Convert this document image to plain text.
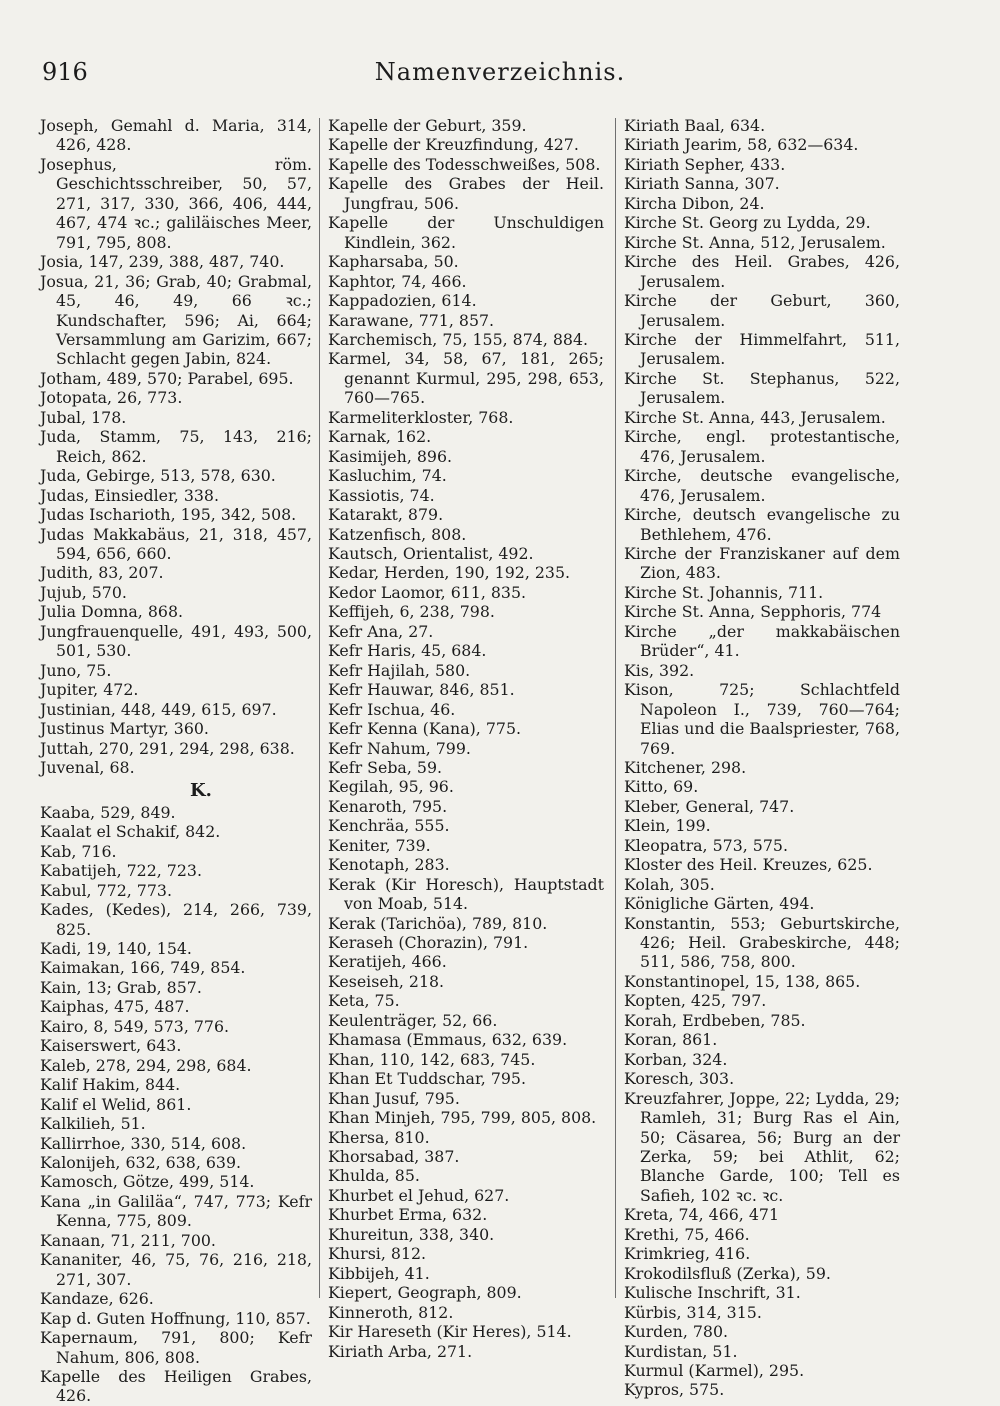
Namenverzeichnis.
916

Joseph, Gemahl d. Maria, 314, 426, 428.

Josephus, röm. Geschichtsschreiber, 50, 57, 271, 317, 330, 366, 406, 444, 467, 474 ꝛc.; galiläisches Meer, 791, 795, 808.

Josia, 147, 239, 388, 487, 740.

Josua, 21, 36; Grab, 40; Grabmal, 45, 46, 49, 66 ꝛc.; Kundschafter, 596; Ai, 664; Versammlung am Garizim, 667; Schlacht gegen Jabin, 824.

Jotham, 489, 570; Parabel, 695.

Jotopata, 26, 773.

Jubal, 178.

Juda, Stamm, 75, 143, 216; Reich, 862.

Juda, Gebirge, 513, 578, 630.

Judas, Einsiedler, 338.

Judas Ischarioth, 195, 342, 508.

Judas Makkabäus, 21, 318, 457, 594, 656, 660.

Judith, 83, 207.

Jujub, 570.

Julia Domna, 868.

Jungfrauenquelle, 491, 493, 500, 501, 530.

Juno, 75.

Jupiter, 472.

Justinian, 448, 449, 615, 697.

Justinus Martyr, 360.

Juttah, 270, 291, 294, 298, 638.

Juvenal, 68.

K.

Kaaba, 529, 849.

Kaalat el Schakif, 842.

Kab, 716.

Kabatijeh, 722, 723.

Kabul, 772, 773.

Kades, (Kedes), 214, 266, 739, 825.

Kadi, 19, 140, 154.

Kaimakan, 166, 749, 854.

Kain, 13; Grab, 857.

Kaiphas, 475, 487.

Kairo, 8, 549, 573, 776.

Kaiserswert, 643.

Kaleb, 278, 294, 298, 684.

Kalif Hakim, 844.

Kalif el Welid, 861.

Kalkilieh, 51.

Kallirrhoe, 330, 514, 608.

Kalonijeh, 632, 638, 639.

Kamosch, Götze, 499, 514.

Kana „in Galiläa“, 747, 773; Kefr Kenna, 775, 809.

Kanaan, 71, 211, 700.

Kananiter, 46, 75, 76, 216, 218, 271, 307.

Kandaze, 626.

Kap d. Guten Hoffnung, 110, 857.

Kapernaum, 791, 800; Kefr Nahum, 806, 808.

Kapelle des Heiligen Grabes, 426.

Kapelle der Geburt, 359.

Kapelle der Kreuzfindung, 427.

Kapelle des Todesschweißes, 508.

Kapelle des Grabes der Heil. Jungfrau, 506.

Kapelle der Unschuldigen Kindlein, 362.

Kapharsaba, 50.

Kaphtor, 74, 466.

Kappadozien, 614.

Karawane, 771, 857.

Karchemisch, 75, 155, 874, 884.

Karmel, 34, 58, 67, 181, 265; genannt Kurmul, 295, 298, 653, 760—765.

Karmeliterkloster, 768.

Karnak, 162.

Kasimijeh, 896.

Kasluchim, 74.

Kassiotis, 74.

Katarakt, 879.

Katzenfisch, 808.

Kautsch, Orientalist, 492.

Kedar, Herden, 190, 192, 235.

Kedor Laomor, 611, 835.

Keffijeh, 6, 238, 798.

Kefr Ana, 27.

Kefr Haris, 45, 684.

Kefr Hajilah, 580.

Kefr Hauwar, 846, 851.

Kefr Ischua, 46.

Kefr Kenna (Kana), 775.

Kefr Nahum, 799.

Kefr Seba, 59.

Kegilah, 95, 96.

Kenaroth, 795.

Kenchräa, 555.

Keniter, 739.

Kenotaph, 283.

Kerak (Kir Horesch), Hauptstadt von Moab, 514.

Kerak (Tarichöa), 789, 810.

Keraseh (Chorazin), 791.

Keratijeh, 466.

Keseiseh, 218.

Keta, 75.

Keulenträger, 52, 66.

Khamasa (Emmaus, 632, 639.

Khan, 110, 142, 683, 745.

Khan Et Tuddschar, 795.

Khan Jusuf, 795.

Khan Minjeh, 795, 799, 805, 808.

Khersa, 810.

Khorsabad, 387.

Khulda, 85.

Khurbet el Jehud, 627.

Khurbet Erma, 632.

Khureitun, 338, 340.

Khursi, 812.

Kibbijeh, 41.

Kiepert, Geograph, 809.

Kinneroth, 812.

Kir Hareseth (Kir Heres), 514.

Kiriath Arba, 271.

Kiriath Baal, 634.

Kiriath Jearim, 58, 632—634.

Kiriath Sepher, 433.

Kiriath Sanna, 307.

Kircha Dibon, 24.

Kirche St. Georg zu Lydda, 29.

Kirche St. Anna, 512, Jerusalem.

Kirche des Heil. Grabes, 426, Jerusalem.

Kirche der Geburt, 360, Jerusalem.

Kirche der Himmelfahrt, 511, Jerusalem.

Kirche St. Stephanus, 522, Jerusalem.

Kirche St. Anna, 443, Jerusalem.

Kirche, engl. protestantische, 476, Jerusalem.

Kirche, deutsche evangelische, 476, Jerusalem.

Kirche, deutsch evangelische zu Bethlehem, 476.

Kirche der Franziskaner auf dem Zion, 483.

Kirche St. Johannis, 711.

Kirche St. Anna, Sepphoris, 774

Kirche „der makkabäischen Brüder“, 41.

Kis, 392.

Kison, 725; Schlachtfeld Napoleon I., 739, 760—764; Elias und die Baalspriester, 768, 769.

Kitchener, 298.

Kitto, 69.

Kleber, General, 747.

Klein, 199.

Kleopatra, 573, 575.

Kloster des Heil. Kreuzes, 625.

Kolah, 305.

Königliche Gärten, 494.

Konstantin, 553; Geburtskirche, 426; Heil. Grabeskirche, 448; 511, 586, 758, 800.

Konstantinopel, 15, 138, 865.

Kopten, 425, 797.

Korah, Erdbeben, 785.

Koran, 861.

Korban, 324.

Koresch, 303.

Kreuzfahrer, Joppe, 22; Lydda, 29; Ramleh, 31; Burg Ras el Ain, 50; Cäsarea, 56; Burg an der Zerka, 59; bei Athlit, 62; Blanche Garde, 100; Tell es Safieh, 102 ꝛc. ꝛc.

Kreta, 74, 466, 471

Krethi, 75, 466.

Krimkrieg, 416.

Krokodilsfluß (Zerka), 59.

Kulische Inschrift, 31.

Kürbis, 314, 315.

Kurden, 780.

Kurdistan, 51.

Kurmul (Karmel), 295.

Kypros, 575.
